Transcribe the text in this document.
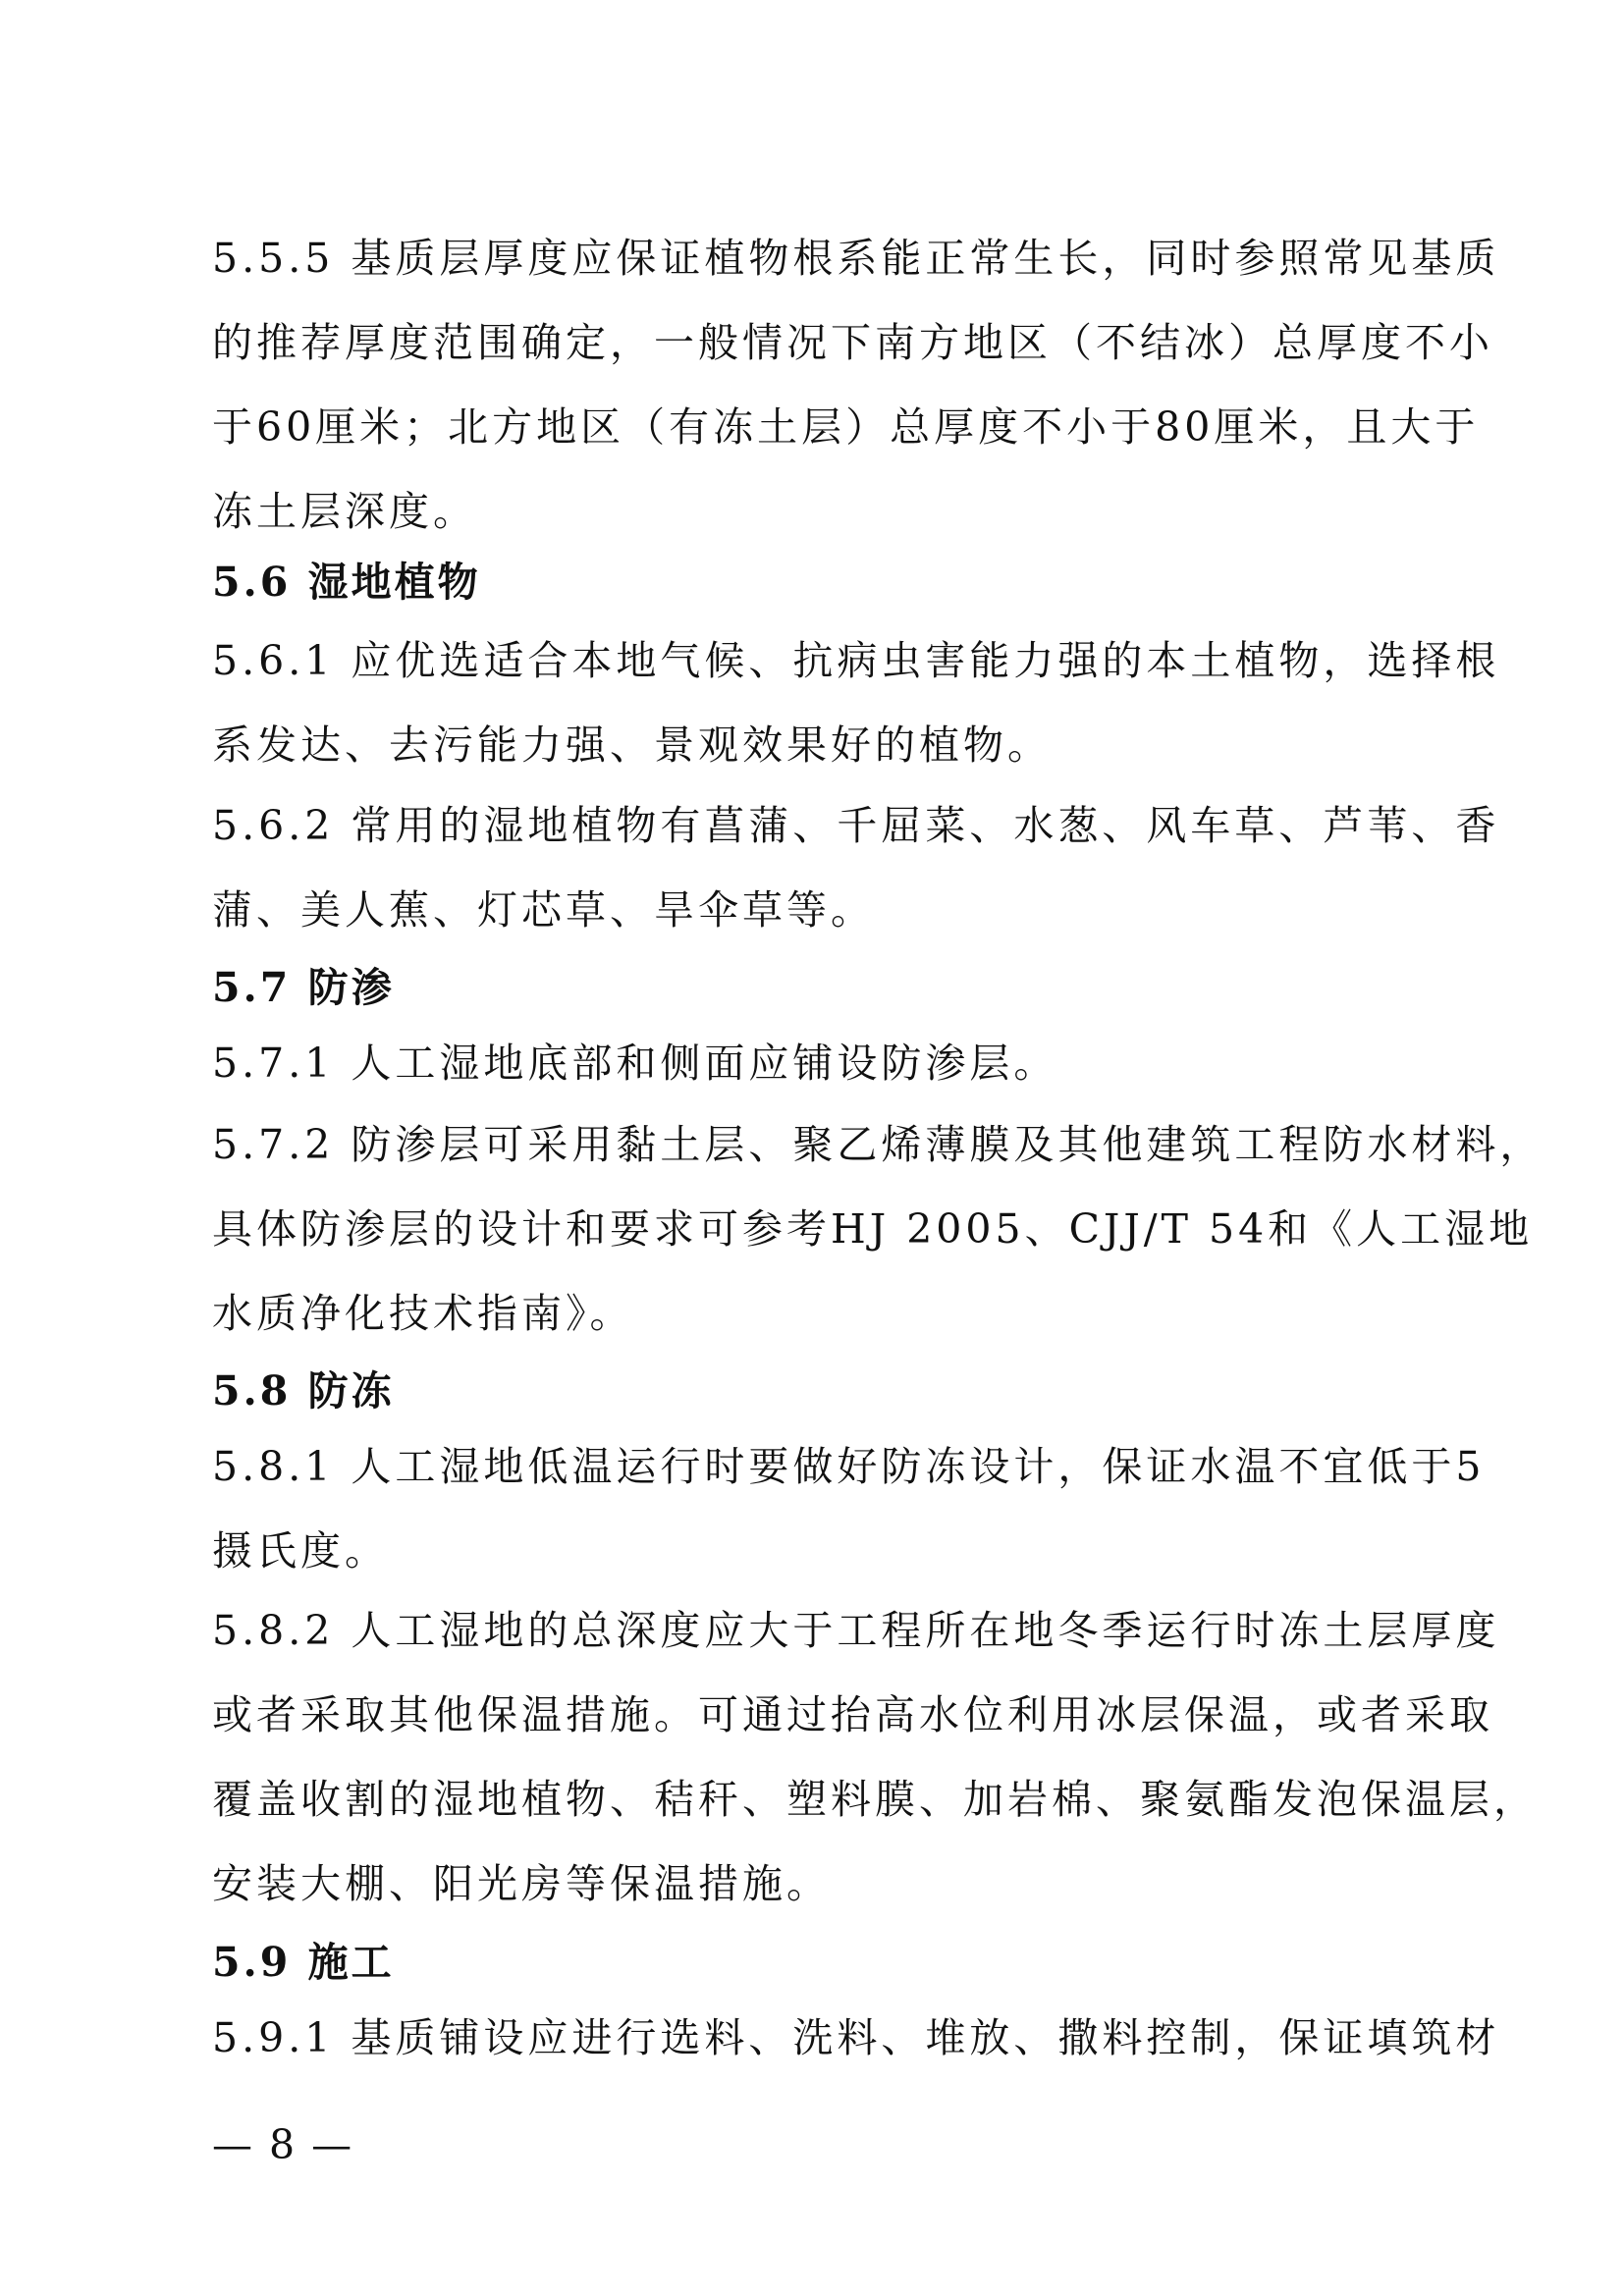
5.5.5 基质层厚度应保证植物根系能正常生长，同时参照常见基质
的推荐厚度范围确定，一般情况下南方地区（不结冰）总厚度不小
于60厘米；北方地区（有冻土层）总厚度不小于80厘米，且大于
冻土层深度。
5.6 湿地植物
5.6.1 应优选适合本地气候、抗病虫害能力强的本土植物，选择根
系发达、去污能力强、景观效果好的植物。
5.6.2 常用的湿地植物有菖蒲、千屈菜、水葱、风车草、芦苇、香
蒲、美人蕉、灯芯草、旱伞草等。
5.7 防渗
5.7.1 人工湿地底部和侧面应铺设防渗层。
5.7.2 防渗层可采用黏土层、聚乙烯薄膜及其他建筑工程防水材料，
具体防渗层的设计和要求可参考HJ 2005、CJJ/T 54和《人工湿地
水质净化技术指南》。
5.8 防冻
5.8.1 人工湿地低温运行时要做好防冻设计，保证水温不宜低于5
摄氏度。
5.8.2 人工湿地的总深度应大于工程所在地冬季运行时冻土层厚度
或者采取其他保温措施。可通过抬高水位利用冰层保温，或者采取
覆盖收割的湿地植物、秸秆、塑料膜、加岩棉、聚氨酯发泡保温层，
安装大棚、阳光房等保温措施。
5.9 施工
5.9.1 基质铺设应进行选料、洗料、堆放、撒料控制，保证填筑材
— 8 —
